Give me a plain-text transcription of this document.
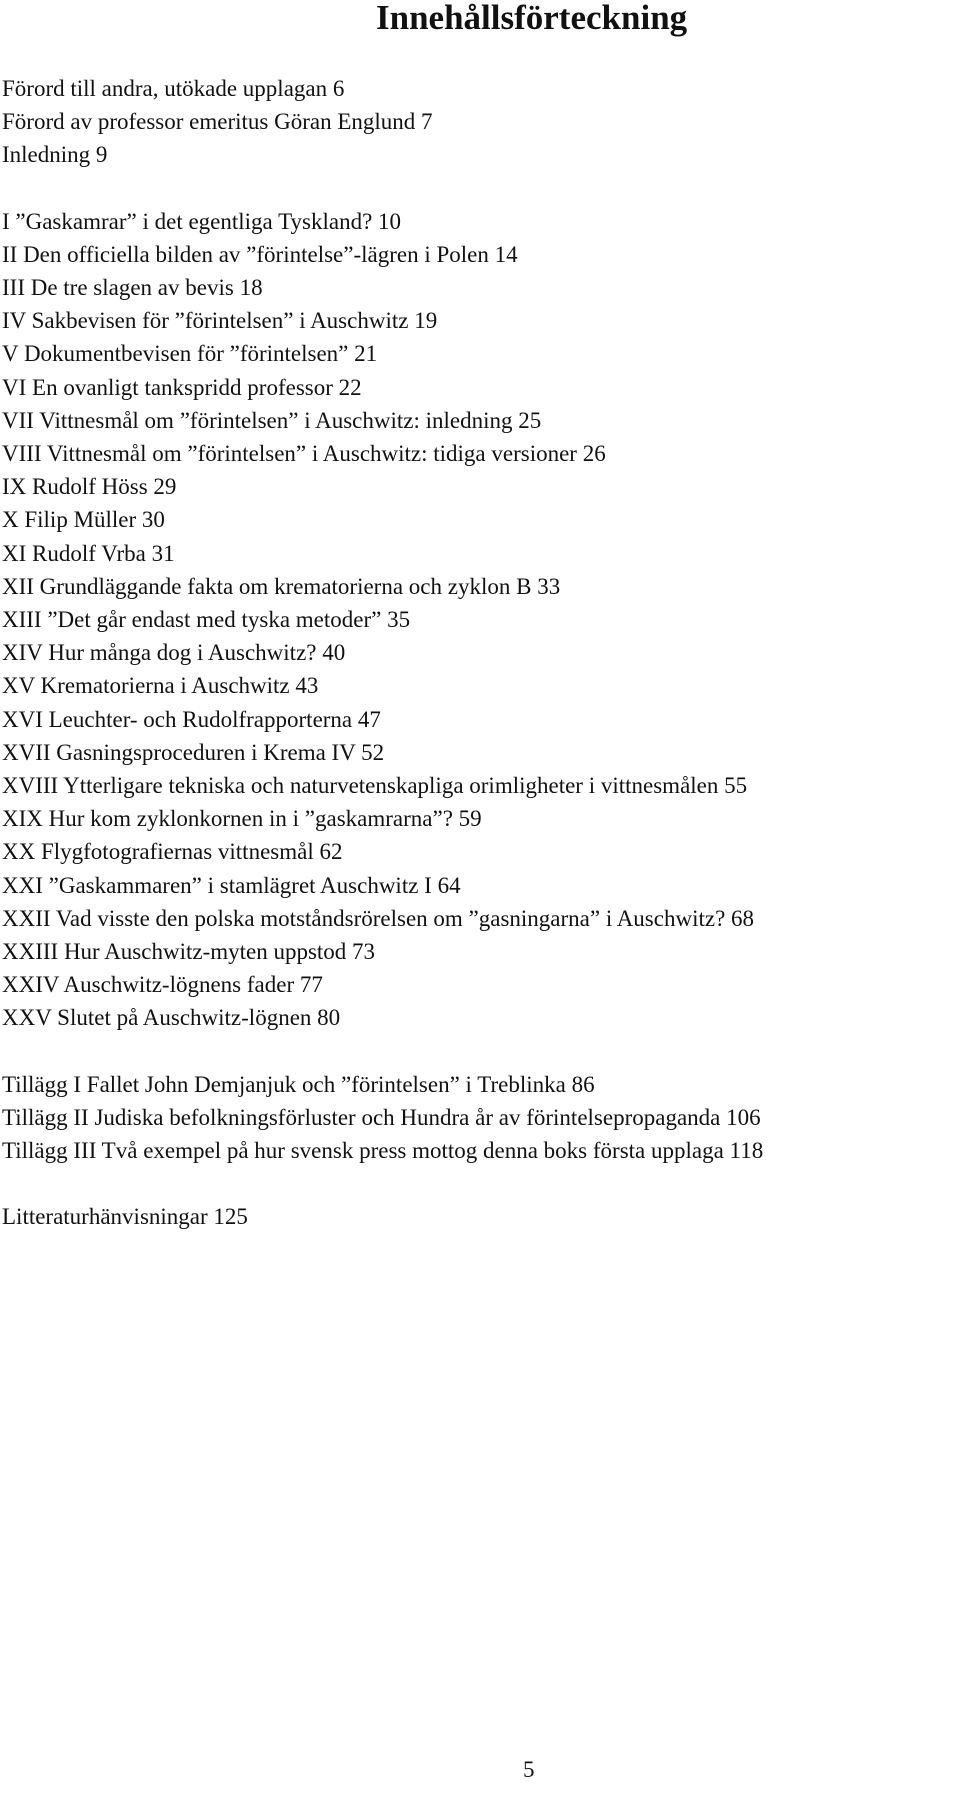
Innehållsförteckning
Förord till andra, utökade upplagan 6
Förord av professor emeritus Göran Englund 7
Inledning 9
I ”Gaskamrar” i det egentliga Tyskland? 10
II Den officiella bilden av ”förintelse”-lägren i Polen 14
III De tre slagen av bevis 18
IV Sakbevisen för ”förintelsen” i Auschwitz 19
V Dokumentbevisen för ”förintelsen” 21
VI En ovanligt tankspridd professor 22
VII Vittnesmål om ”förintelsen” i Auschwitz: inledning 25
VIII Vittnesmål om ”förintelsen” i Auschwitz: tidiga versioner 26
IX Rudolf Höss 29
X Filip Müller 30
XI Rudolf Vrba 31
XII Grundläggande fakta om krematorierna och zyklon B 33
XIII ”Det går endast med tyska metoder” 35
XIV Hur många dog i Auschwitz? 40
XV Krematorierna i Auschwitz 43
XVI Leuchter- och Rudolfrapporterna 47
XVII Gasningsproceduren i Krema IV 52
XVIII Ytterligare tekniska och naturvetenskapliga orimligheter i vittnesmålen 55
XIX Hur kom zyklonkornen in i ”gaskamrarna”? 59
XX Flygfotografiernas vittnesmål 62
XXI ”Gaskammaren” i stamlägret Auschwitz I 64
XXII Vad visste den polska motståndsrörelsen om ”gasningarna” i Auschwitz? 68
XXIII Hur Auschwitz-myten uppstod 73
XXIV Auschwitz-lögnens fader 77
XXV Slutet på Auschwitz-lögnen 80
Tillägg I Fallet John Demjanjuk och ”förintelsen” i Treblinka 86
Tillägg II Judiska befolkningsförluster och Hundra år av förintelsepropaganda 106
Tillägg III Två exempel på hur svensk press mottog denna boks första upplaga 118
Litteraturhänvisningar 125
5
